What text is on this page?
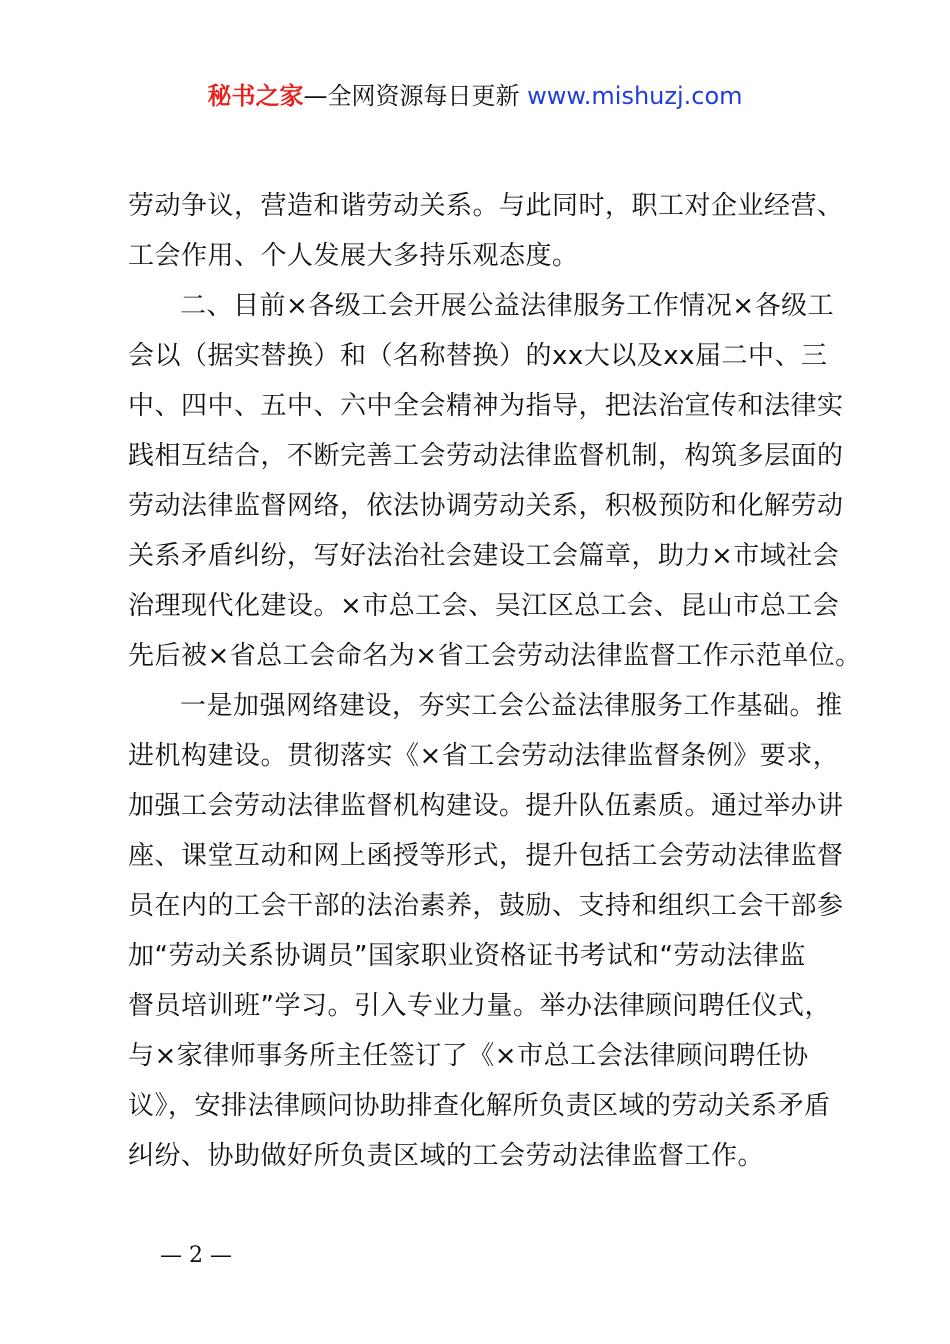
秘书之家—全网资源每日更新 www.mishuzj.com
劳动争议，营造和谐劳动关系。与此同时，职工对企业经营、
工会作用、个人发展大多持乐观态度。
二、目前×各级工会开展公益法律服务工作情况×各级工
会以（据实替换）和（名称替换）的xx大以及xx届二中、三
中、四中、五中、六中全会精神为指导，把法治宣传和法律实
践相互结合，不断完善工会劳动法律监督机制，构筑多层面的
劳动法律监督网络，依法协调劳动关系，积极预防和化解劳动
关系矛盾纠纷，写好法治社会建设工会篇章，助力×市域社会
治理现代化建设。×市总工会、吴江区总工会、昆山市总工会
先后被×省总工会命名为×省工会劳动法律监督工作示范单位。
一是加强网络建设，夯实工会公益法律服务工作基础。推
进机构建设。贯彻落实《×省工会劳动法律监督条例》要求，
加强工会劳动法律监督机构建设。提升队伍素质。通过举办讲
座、课堂互动和网上函授等形式，提升包括工会劳动法律监督
员在内的工会干部的法治素养，鼓励、支持和组织工会干部参
加“劳动关系协调员”国家职业资格证书考试和“劳动法律监
督员培训班”学习。引入专业力量。举办法律顾问聘任仪式，
与×家律师事务所主任签订了《×市总工会法律顾问聘任协
议》，安排法律顾问协助排查化解所负责区域的劳动关系矛盾
纠纷、协助做好所负责区域的工会劳动法律监督工作。
— 2 —
